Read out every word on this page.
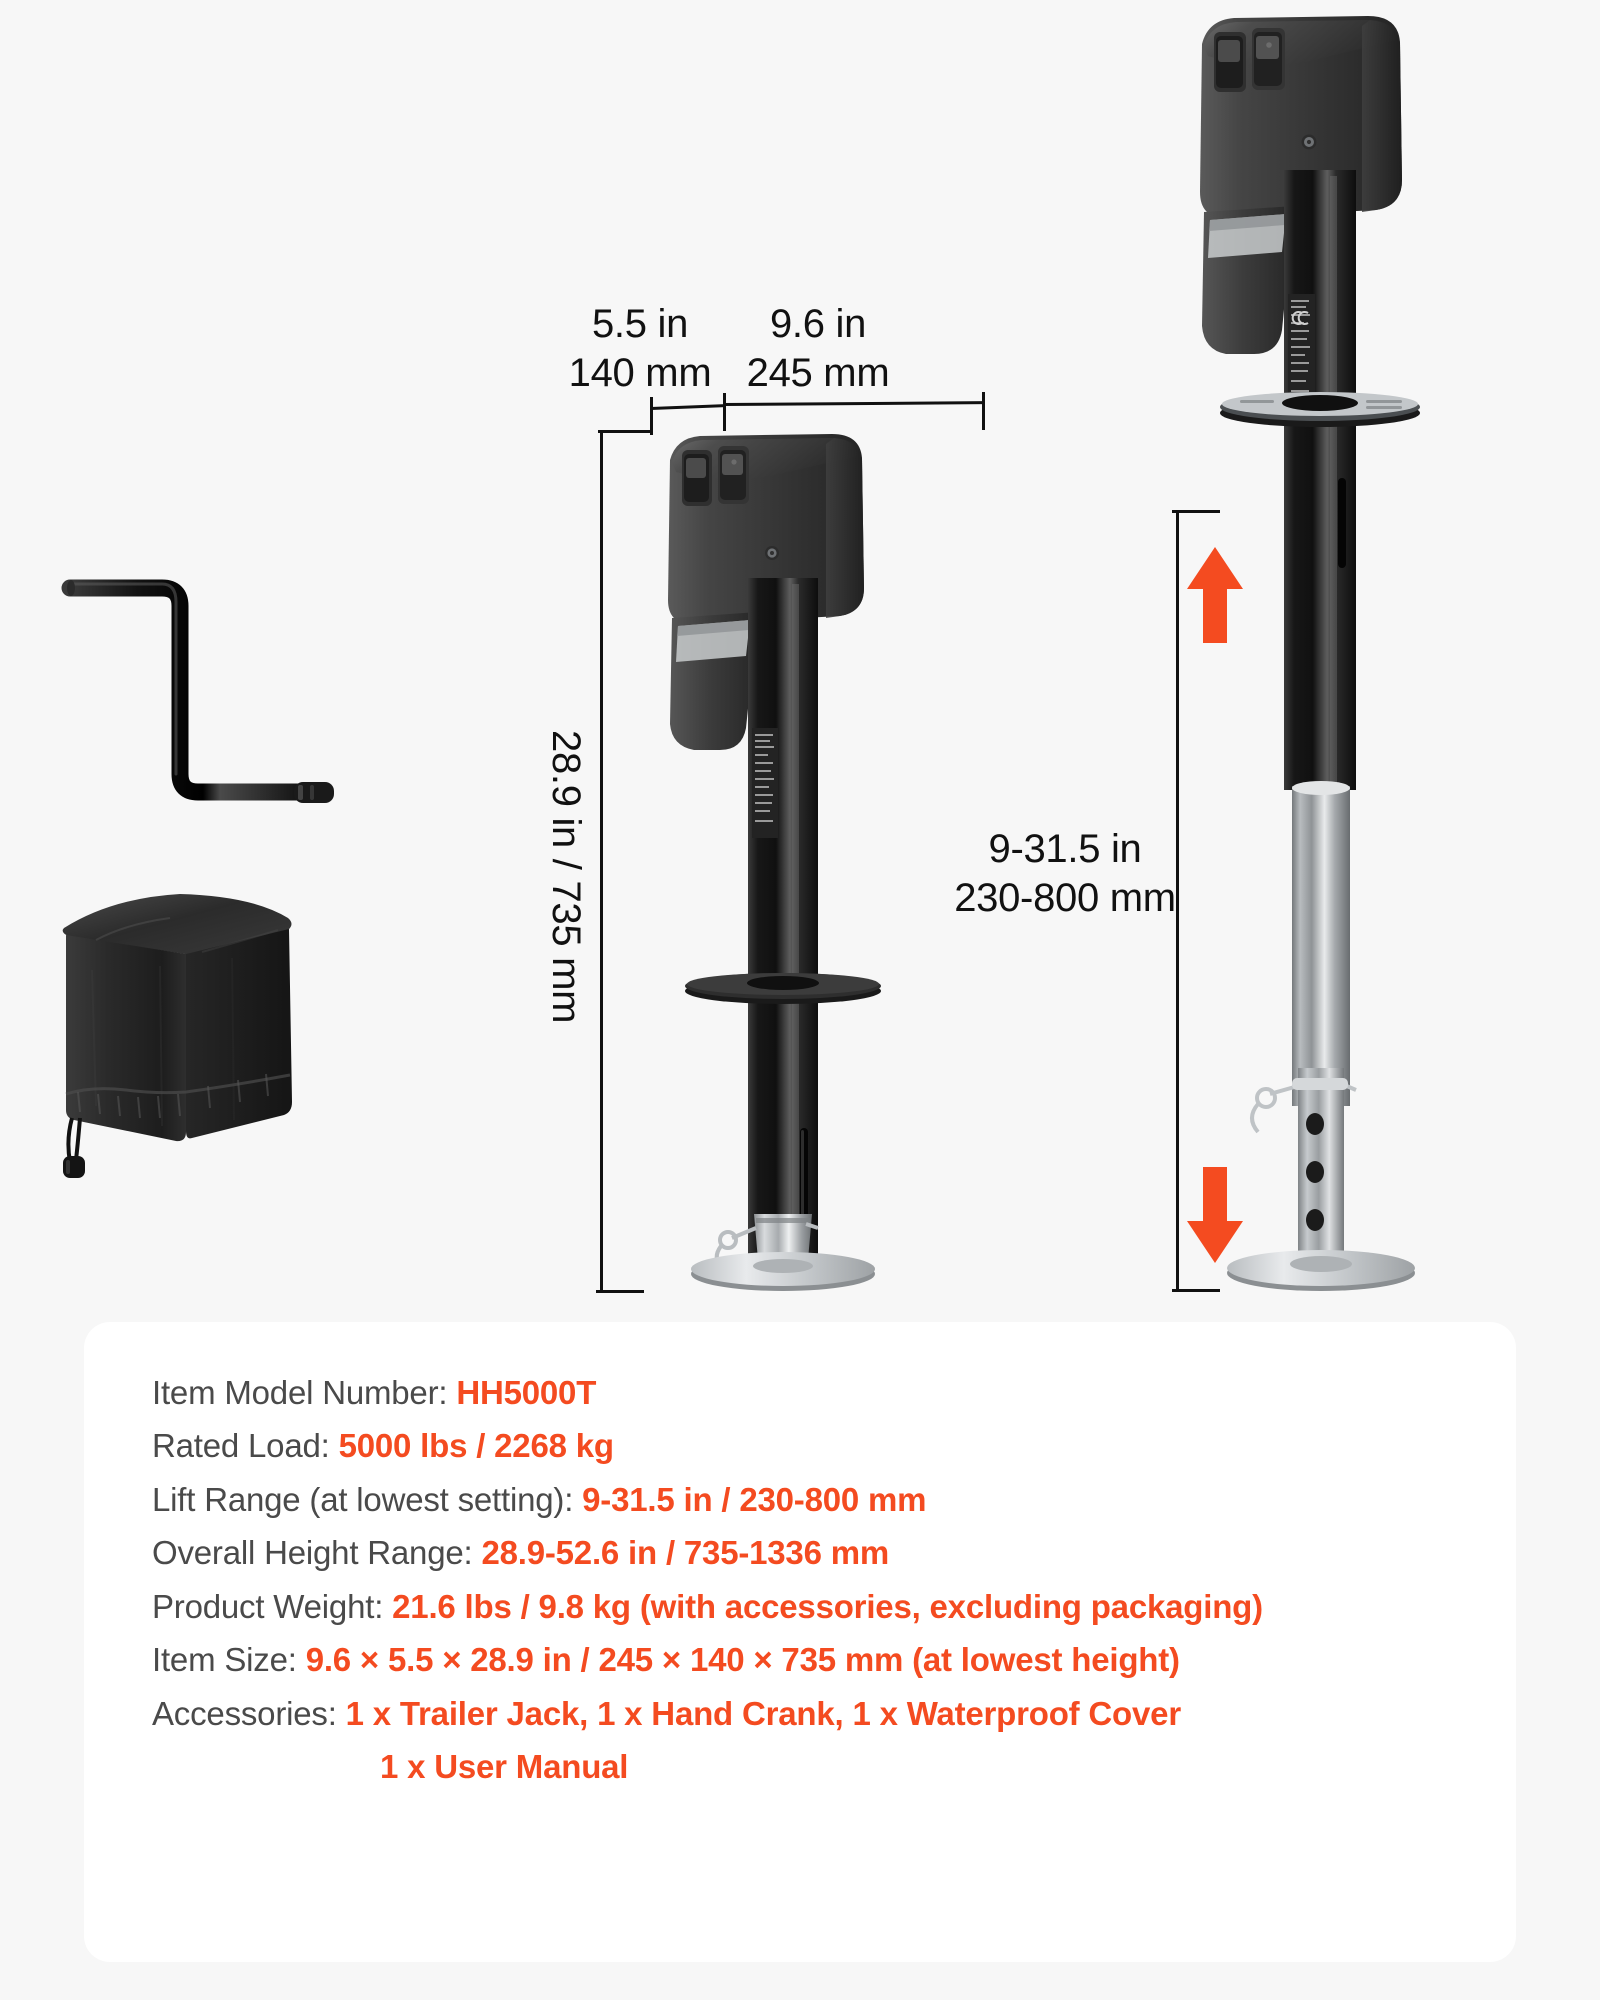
5.5 in
140 mm
9.6 in
245 mm
28.9 in / 735 mm	9-31.5 in
230-800 mm
Item Model Number: HH5000T
Rated Load: 5000 lbs / 2268 kg
Lift Range (at lowest setting): 9-31.5 in / 230-800 mm
Overall Height Range: 28.9-52.6 in / 735-1336 mm
Product Weight: 21.6 lbs / 9.8 kg (with accessories, excluding packaging)
Item Size: 9.6 × 5.5 × 28.9 in / 245 × 140 × 735 mm (at lowest height)
Accessories: 1 x Trailer Jack, 1 x Hand Crank, 1 x Waterproof Cover
1 x User Manual
